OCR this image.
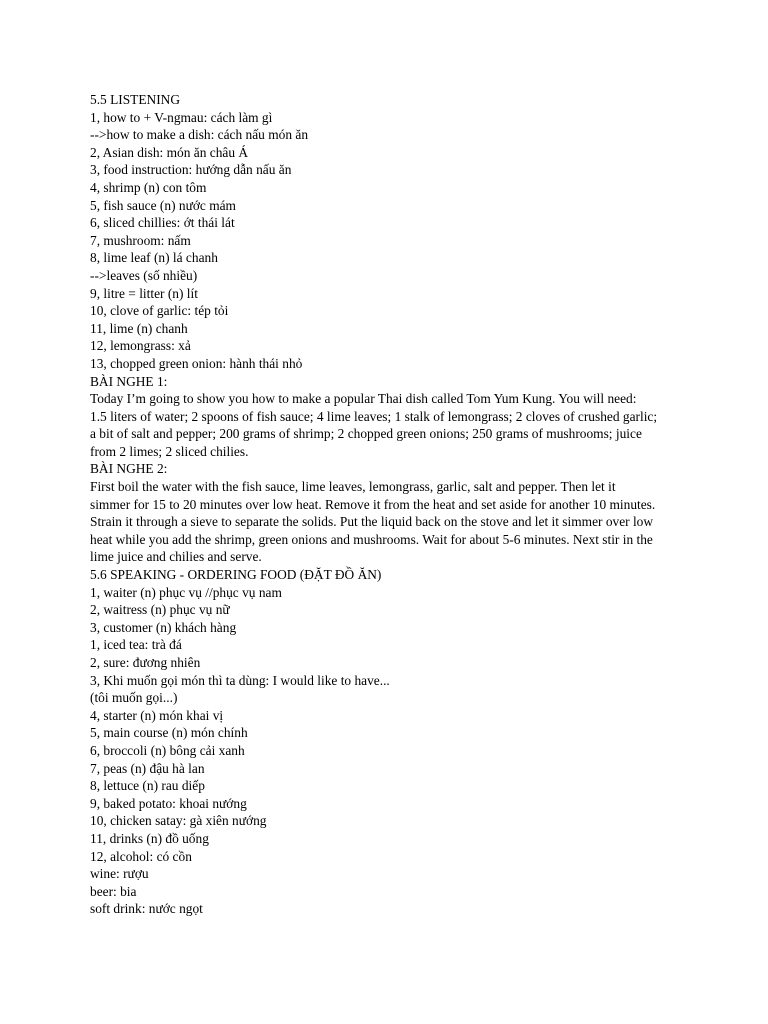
5.5 LISTENING
1, how to + V-ngmau: cách làm gì
-->how to make a dish: cách nấu món ăn
2, Asian dish: món ăn châu Á
3, food instruction: hướng dẫn nấu ăn
4, shrimp (n) con tôm
5, fish sauce (n) nước mám
6, sliced chillies: ớt thái lát
7, mushroom: nấm
8, lime leaf (n) lá chanh
-->leaves (số nhiều)
9, litre = litter (n) lít
10, clove of garlic: tép tỏi
11, lime (n) chanh
12, lemongrass: xả
13, chopped green onion: hành thái nhỏ
BÀI NGHE 1:
Today I’m going to show you how to make a popular Thai dish called Tom Yum Kung. You will need:
1.5 liters of water; 2 spoons of fish sauce; 4 lime leaves; 1 stalk of lemongrass; 2 cloves of crushed garlic;
a bit of salt and pepper; 200 grams of shrimp; 2 chopped green onions; 250 grams of mushrooms; juice
from 2 limes; 2 sliced chilies.
BÀI NGHE 2:
First boil the water with the fish sauce, lime leaves, lemongrass, garlic, salt and pepper. Then let it
simmer for 15 to 20 minutes over low heat. Remove it from the heat and set aside for another 10 minutes.
Strain it through a sieve to separate the solids. Put the liquid back on the stove and let it simmer over low
heat while you add the shrimp, green onions and mushrooms. Wait for about 5-6 minutes. Next stir in the
lime juice and chilies and serve.
5.6 SPEAKING - ORDERING FOOD (ĐẶT ĐỒ ĂN)
1, waiter (n) phục vụ //phục vụ nam
2, waitress (n) phục vụ nữ
3, customer (n) khách hàng
1, iced tea: trà đá
2, sure: đương nhiên
3, Khi muốn gọi món thì ta dùng: I would like to have...
(tôi muốn gọi...)
4, starter (n) món khai vị
5, main course (n) món chính
6, broccoli (n) bông cải xanh
7, peas (n) đậu hà lan
8, lettuce (n) rau diếp
9, baked potato: khoai nướng
10, chicken satay: gà xiên nướng
11, drinks (n) đồ uống
12, alcohol: có cồn
wine: rượu
beer: bia
soft drink: nước ngọt
